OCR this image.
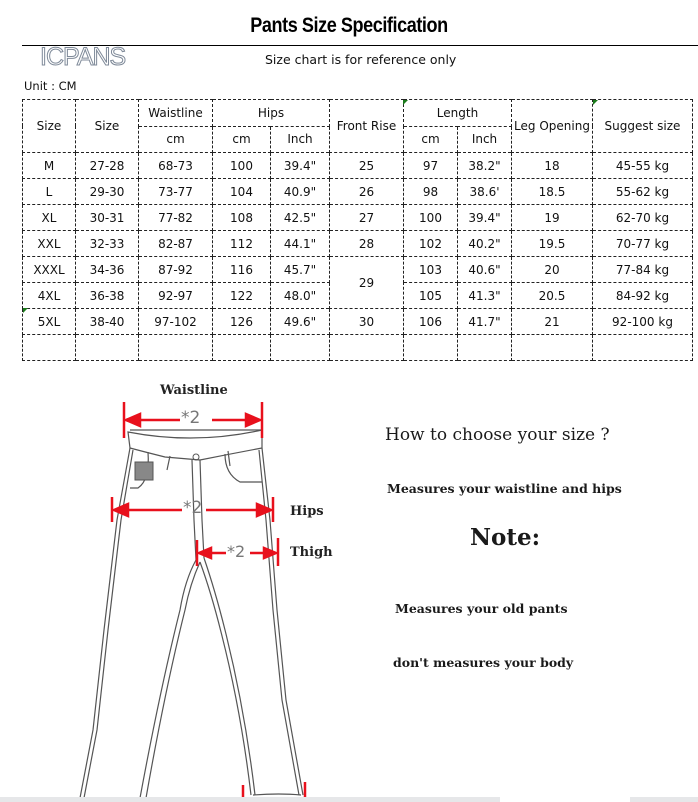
Pants Size Specification
ICPANS	Size chart is for reference only
Unit : CM
Size	Size	Waistline	Hips		Front Rise	Length		Leg Opening	Suggest size
		cm	cm	Inch		cm	Inch		
M	27-28	68-73	100	39.4"	25	97	38.2"	18	45-55 kg
L	29-30	73-77	104	40.9"	26	98	38.6'	18.5	55-62 kg
XL	30-31	77-82	108	42.5"	27	100	39.4"	19	62-70 kg
XXL	32-33	82-87	112	44.1"	28	102	40.2"	19.5	70-77 kg
XXXL	34-36	87-92	116	45.7"	29	103	40.6"	20	77-84 kg
4XL	36-38	92-97	122	48.0"		105	41.3"	20.5	84-92 kg
5XL	38-40	97-102	126	49.6"	30	106	41.7"	21	92-100 kg

Waistline
*2
*2
*2
Hips
Thigh
How to choose your size ?
Measures your waistline and hips
Note:
Measures your old pants
don't measures your body
